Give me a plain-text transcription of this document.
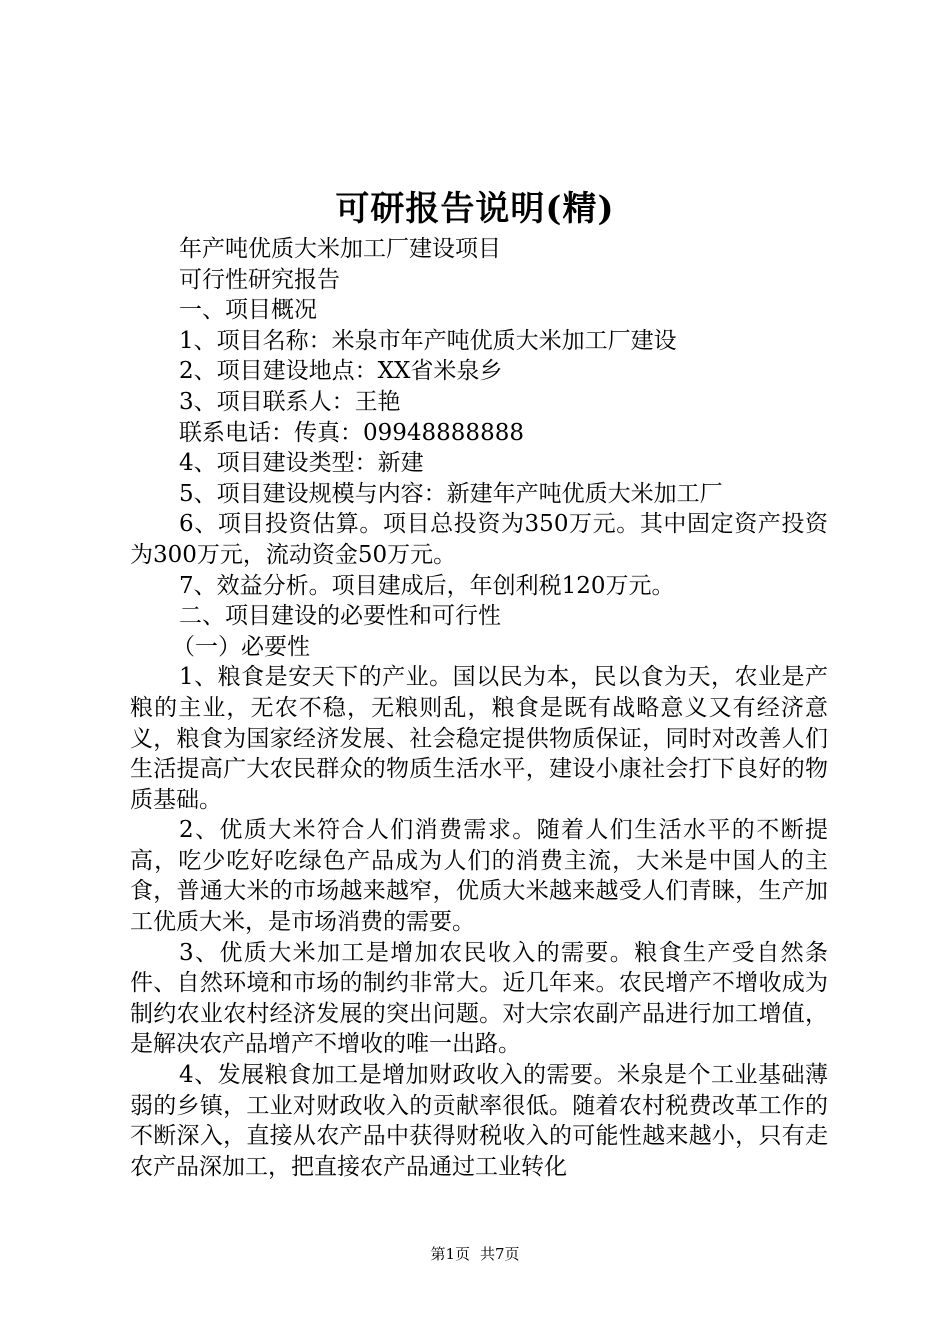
可研报告说明(精)

年产吨优质大米加工厂建设项目

可行性研究报告

一、项目概况

1、项目名称：米泉市年产吨优质大米加工厂建设

2、项目建设地点：XX省米泉乡

3、项目联系人：王艳

联系电话：传真：09948888888

4、项目建设类型：新建

5、项目建设规模与内容：新建年产吨优质大米加工厂

6、项目投资估算。项目总投资为350万元。其中固定资产投资为300万元，流动资金50万元。

7、效益分析。项目建成后，年创利税120万元。

二、项目建设的必要性和可行性

（一）必要性

1、粮食是安天下的产业。国以民为本，民以食为天，农业是产粮的主业，无农不稳，无粮则乱，粮食是既有战略意义又有经济意义，粮食为国家经济发展、社会稳定提供物质保证，同时对改善人们生活提高广大农民群众的物质生活水平，建设小康社会打下良好的物质基础。

2、优质大米符合人们消费需求。随着人们生活水平的不断提高，吃少吃好吃绿色产品成为人们的消费主流，大米是中国人的主食，普通大米的市场越来越窄，优质大米越来越受人们青睐，生产加工优质大米，是市场消费的需要。

3、优质大米加工是增加农民收入的需要。粮食生产受自然条件、自然环境和市场的制约非常大。近几年来。农民增产不增收成为制约农业农村经济发展的突出问题。对大宗农副产品进行加工增值，是解决农产品增产不增收的唯一出路。

4、发展粮食加工是增加财政收入的需要。米泉是个工业基础薄弱的乡镇，工业对财政收入的贡献率很低。随着农村税费改革工作的不断深入，直接从农产品中获得财税收入的可能性越来越小，只有走农产品深加工，把直接农产品通过工业转化

第1页 共7页
